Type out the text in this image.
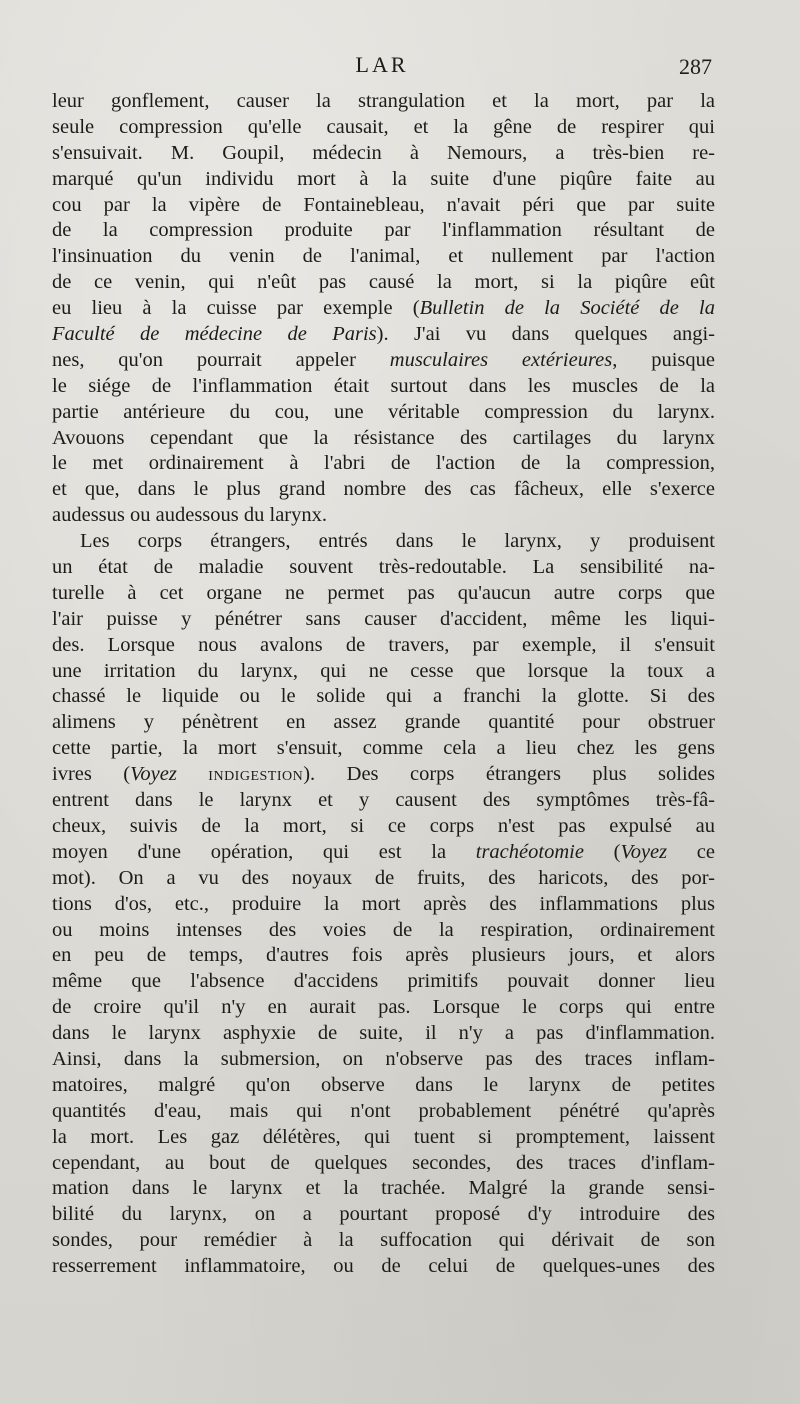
LAR	287
leur gonflement, causer la strangulation et la mort, par la
seule compression qu'elle causait, et la gêne de respirer qui
s'ensuivait. M. Goupil, médecin à Nemours, a très-bien re-
marqué qu'un individu mort à la suite d'une piqûre faite au
cou par la vipère de Fontainebleau, n'avait péri que par suite
de la compression produite par l'inflammation résultant de
l'insinuation du venin de l'animal, et nullement par l'action
de ce venin, qui n'eût pas causé la mort, si la piqûre eût
eu lieu à la cuisse par exemple (Bulletin de la Société de la
Faculté de médecine de Paris). J'ai vu dans quelques angi-
nes, qu'on pourrait appeler musculaires extérieures, puisque
le siége de l'inflammation était surtout dans les muscles de la
partie antérieure du cou, une véritable compression du larynx.
Avouons cependant que la résistance des cartilages du larynx
le met ordinairement à l'abri de l'action de la compression,
et que, dans le plus grand nombre des cas fâcheux, elle s'exerce
audessus ou audessous du larynx.
Les corps étrangers, entrés dans le larynx, y produisent
un état de maladie souvent très-redoutable. La sensibilité na-
turelle à cet organe ne permet pas qu'aucun autre corps que
l'air puisse y pénétrer sans causer d'accident, même les liqui-
des. Lorsque nous avalons de travers, par exemple, il s'ensuit
une irritation du larynx, qui ne cesse que lorsque la toux a
chassé le liquide ou le solide qui a franchi la glotte. Si des
alimens y pénètrent en assez grande quantité pour obstruer
cette partie, la mort s'ensuit, comme cela a lieu chez les gens
ivres (Voyez indigestion). Des corps étrangers plus solides
entrent dans le larynx et y causent des symptômes très-fâ-
cheux, suivis de la mort, si ce corps n'est pas expulsé au
moyen d'une opération, qui est la trachéotomie (Voyez ce
mot). On a vu des noyaux de fruits, des haricots, des por-
tions d'os, etc., produire la mort après des inflammations plus
ou moins intenses des voies de la respiration, ordinairement
en peu de temps, d'autres fois après plusieurs jours, et alors
même que l'absence d'accidens primitifs pouvait donner lieu
de croire qu'il n'y en aurait pas. Lorsque le corps qui entre
dans le larynx asphyxie de suite, il n'y a pas d'inflammation.
Ainsi, dans la submersion, on n'observe pas des traces inflam-
matoires, malgré qu'on observe dans le larynx de petites
quantités d'eau, mais qui n'ont probablement pénétré qu'après
la mort. Les gaz délétères, qui tuent si promptement, laissent
cependant, au bout de quelques secondes, des traces d'inflam-
mation dans le larynx et la trachée. Malgré la grande sensi-
bilité du larynx, on a pourtant proposé d'y introduire des
sondes, pour remédier à la suffocation qui dérivait de son
resserrement inflammatoire, ou de celui de quelques-unes des
